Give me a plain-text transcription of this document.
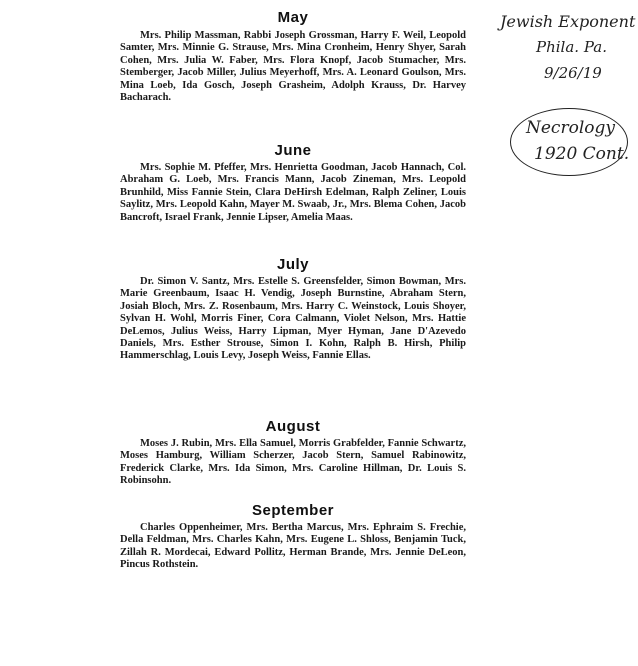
May

Mrs. Philip Massman, Rabbi Joseph Grossman, Harry F. Weil, Leopold Samter, Mrs. Minnie G. Strause, Mrs. Mina Cronheim, Henry Shyer, Sarah Cohen, Mrs. Julia W. Faber, Mrs. Flora Knopf, Jacob Stumacher, Mrs. Stemberger, Jacob Miller, Julius Meyerhoff, Mrs. A. Leonard Goulson, Mrs. Mina Loeb, Ida Gosch, Joseph Grasheim, Adolph Krauss, Dr. Harvey Bacharach.

June

Mrs. Sophie M. Pfeffer, Mrs. Henrietta Goodman, Jacob Hannach, Col. Abraham G. Loeb, Mrs. Francis Mann, Jacob Zineman, Mrs. Leopold Brunhild, Miss Fannie Stein, Clara DeHirsh Edelman, Ralph Zeliner, Louis Saylitz, Mrs. Leopold Kahn, Mayer M. Swaab, Jr., Mrs. Blema Cohen, Jacob Bancroft, Israel Frank, Jennie Lipser, Amelia Maas.

July

Dr. Simon V. Santz, Mrs. Estelle S. Greensfelder, Simon Bowman, Mrs. Marie Greenbaum, Isaac H. Vendig, Joseph Burnstine, Abraham Stern, Josiah Bloch, Mrs. Z. Rosenbaum, Mrs. Harry C. Weinstock, Louis Shoyer, Sylvan H. Wohl, Morris Finer, Cora Calmann, Violet Nelson, Mrs. Hattie DeLemos, Julius Weiss, Harry Lipman, Myer Hyman, Jane D'Azevedo Daniels, Mrs. Esther Strouse, Simon I. Kohn, Ralph B. Hirsh, Philip Hammerschlag, Louis Levy, Joseph Weiss, Fannie Ellas.

August

Moses J. Rubin, Mrs. Ella Samuel, Morris Grabfelder, Fannie Schwartz, Moses Hamburg, William Scherzer, Jacob Stern, Samuel Rabinowitz, Frederick Clarke, Mrs. Ida Simon, Mrs. Caroline Hillman, Dr. Louis S. Robinsohn.

September

Charles Oppenheimer, Mrs. Bertha Marcus, Mrs. Ephraim S. Frechie, Della Feldman, Mrs. Charles Kahn, Mrs. Eugene L. Shloss, Benjamin Tuck, Zillah R. Mordecai, Edward Pollitz, Herman Brande, Mrs. Jennie DeLeon, Pincus Rothstein.

Jewish Exponent
Phila. Pa.
9/26/19
Necrology
1920 Cont.
